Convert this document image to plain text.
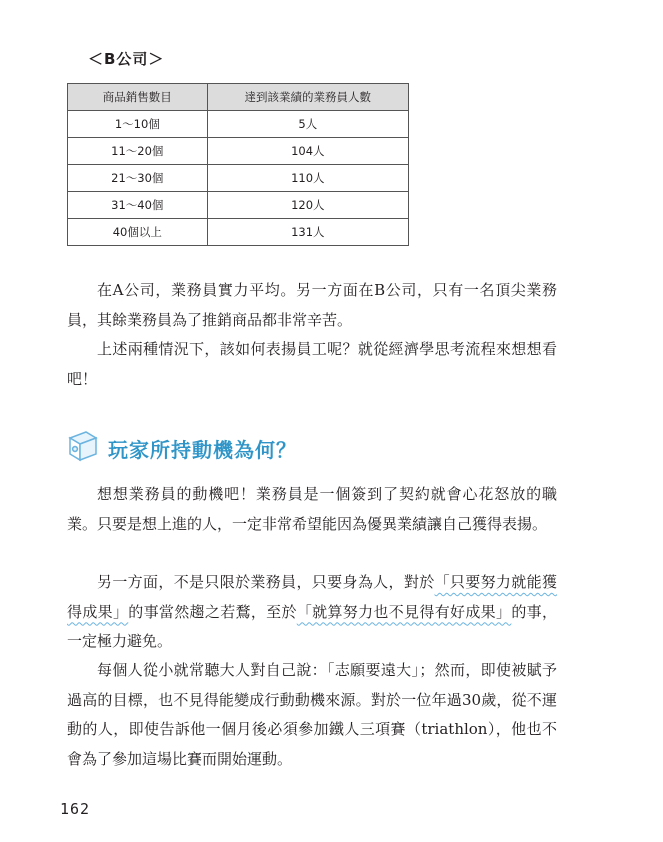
＜B公司＞
商品銷售數目	達到該業績的業務員人數
1～10個	5人
11～20個	104人
21～30個	110人
31～40個	120人
40個以上	131人
在A公司，業務員實力平均。另一方面在B公司，只有一名頂尖業務員，其餘業務員為了推銷商品都非常辛苦。
上述兩種情況下，該如何表揚員工呢？就從經濟學思考流程來想想看吧！
玩家所持動機為何？
想想業務員的動機吧！業務員是一個簽到了契約就會心花怒放的職業。只要是想上進的人，一定非常希望能因為優異業績讓自己獲得表揚。
另一方面，不是只限於業務員，只要身為人，對於「只要努力就能獲得成果」的事當然趨之若鶩，至於「就算努力也不見得有好成果」的事，一定極力避免。
每個人從小就常聽大人對自己說：「志願要遠大」；然而，即使被賦予過高的目標，也不見得能變成行動動機來源。對於一位年過30歲，從不運動的人，即使告訴他一個月後必須參加鐵人三項賽（triathlon），他也不會為了參加這場比賽而開始運動。
162
